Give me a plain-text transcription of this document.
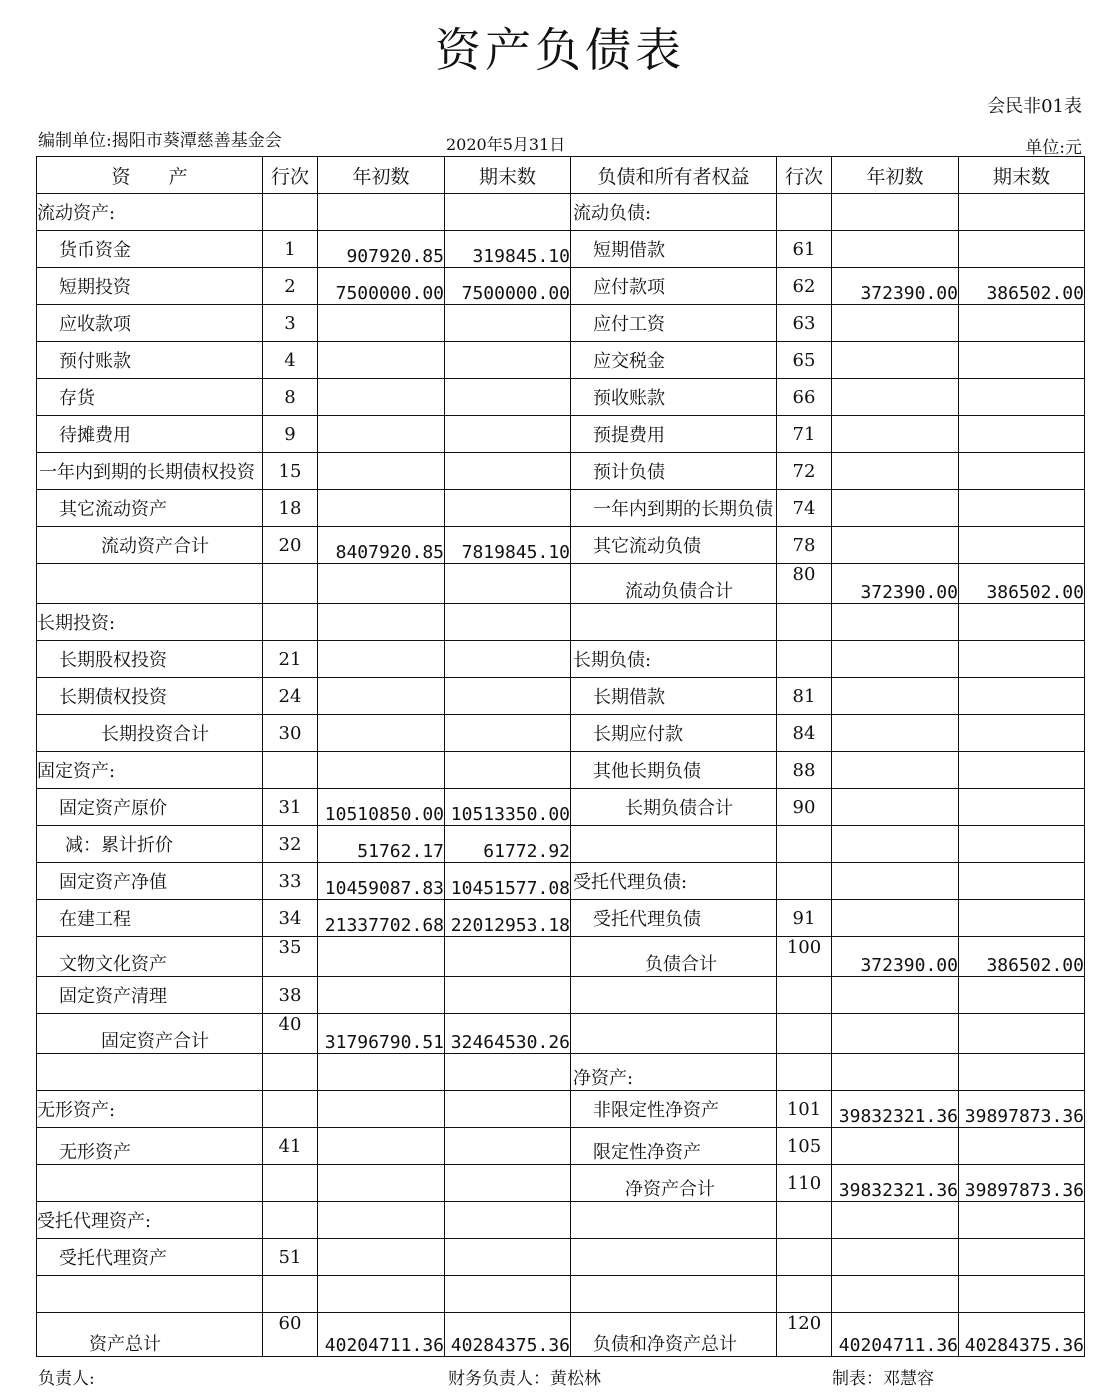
资产负债表
会民非01表
编制单位:揭阳市葵潭慈善基金会	2020年5月31日	单位:元
资　　产	行次	年初数	期末数	负债和所有者权益	行次	年初数	期末数
流动资产:				流动负债:			
货币资金	1	907920.85	319845.10	短期借款	61		
短期投资	2	7500000.00	7500000.00	应付款项	62	372390.00	386502.00
应收款项	3			应付工资	63		
预付账款	4			应交税金	65		
存货	8			预收账款	66		
待摊费用	9			预提费用	71		
一年内到期的长期债权投资	15			预计负债	72		
其它流动资产	18			一年内到期的长期负债	74		
流动资产合计	20	8407920.85	7819845.10	其它流动负债	78		
				流动负债合计	80	372390.00	386502.00
长期投资:							
长期股权投资	21			长期负债:			
长期债权投资	24			长期借款	81		
长期投资合计	30			长期应付款	84		
固定资产:				其他长期负债	88		
固定资产原价	31	10510850.00	10513350.00	长期负债合计	90		
减：累计折价	32	51762.17	61772.92				
固定资产净值	33	10459087.83	10451577.08	受托代理负债:			
在建工程	34	21337702.68	22012953.18	受托代理负债	91		
文物文化资产	35			负债合计	100	372390.00	386502.00
固定资产清理	38						
固定资产合计	40	31796790.51	32464530.26				
				净资产:			
无形资产:				非限定性净资产	101	39832321.36	39897873.36
无形资产	41			限定性净资产	105		
				净资产合计	110	39832321.36	39897873.36
受托代理资产:							
受托代理资产	51						

资产总计	60	40204711.36	40284375.36	负债和净资产总计	120	40204711.36	40284375.36
负责人:	财务负责人：黄松林	制表：邓慧容
